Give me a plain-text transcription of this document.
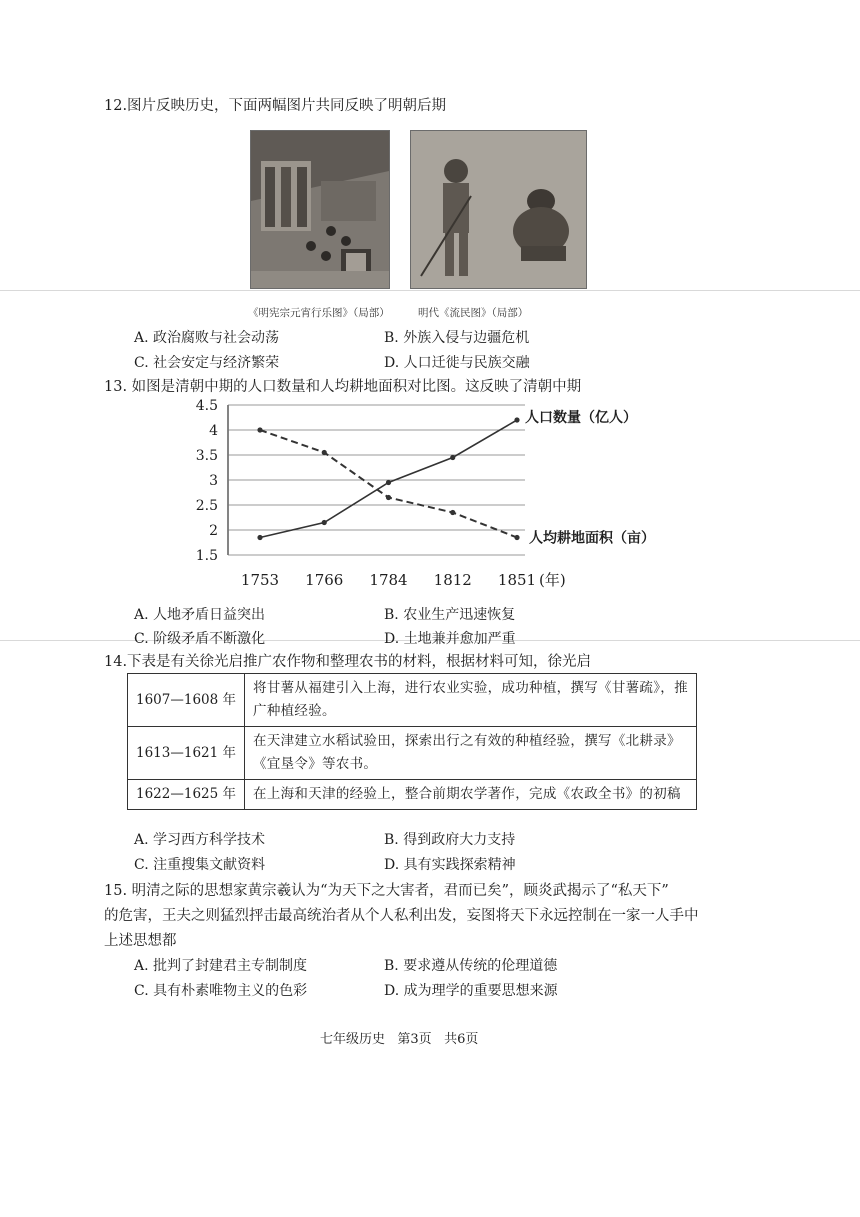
12.图片反映历史，下面两幅图片共同反映了明朝后期
《明宪宗元宵行乐图》（局部）	明代《流民图》（局部）
A. 政治腐败与社会动荡	B. 外族入侵与边疆危机
C. 社会安定与经济繁荣	D. 人口迁徙与民族交融
13. 如图是清朝中期的人口数量和人均耕地面积对比图。这反映了清朝中期
4.5
4
3.5
3
2.5
2
1.5
1753 1766 1784 1812 1851 (年)
人口数量（亿人）
人均耕地面积（亩）
A. 人地矛盾日益突出	B. 农业生产迅速恢复
C. 阶级矛盾不断激化	D. 土地兼并愈加严重
14.下表是有关徐光启推广农作物和整理农书的材料，根据材料可知，徐光启
1607—1608 年	将甘薯从福建引入上海，进行农业实验，成功种植，撰写《甘薯疏》，推广种植经验。
1613—1621 年	在天津建立水稻试验田，探索出行之有效的种植经验，撰写《北耕录》《宜垦令》等农书。
1622—1625 年	在上海和天津的经验上，整合前期农学著作，完成《农政全书》的初稿
A. 学习西方科学技术	B. 得到政府大力支持
C. 注重搜集文献资料	D. 具有实践探索精神
15. 明清之际的思想家黄宗羲认为“为天下之大害者，君而已矣”，顾炎武揭示了“私天下”
的危害，王夫之则猛烈抨击最高统治者从个人私利出发，妄图将天下永远控制在一家一人手中
上述思想都
A. 批判了封建君主专制制度	B. 要求遵从传统的伦理道德
C. 具有朴素唯物主义的色彩	D. 成为理学的重要思想来源
七年级历史   第3页   共6页
